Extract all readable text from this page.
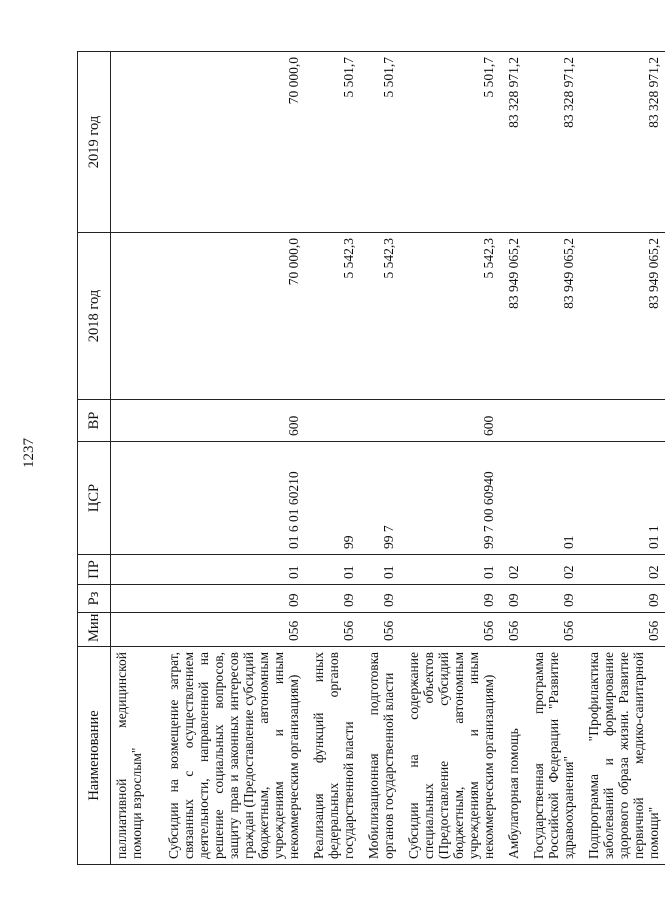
1237
Наименование	Мин	Рз	ПР	ЦСР	ВР	2018 год	2019 год
паллиативной медицинской помощи взрослым"							
Субсидии на возмещение затрат, связанных с осуществлением деятельности, направленной на решение социальных вопросов, защиту прав и законных интересов граждан (Предоставление субсидий бюджетным, автономным учреждениям и иным некоммерческим организациям)	056	09	01	01 6 01 60210	600	70 000,0	70 000,0
Реализация функций иных федеральных органов государственной власти	056	09	01	99		5 542,3	5 501,7
Мобилизационная подготовка органов государственной власти	056	09	01	99 7		5 542,3	5 501,7
Субсидии на содержание специальных объектов (Предоставление субсидий бюджетным, автономным учреждениям и иным некоммерческим организациям)	056	09	01	99 7 00 60940	600	5 542,3	5 501,7
Амбулаторная помощь	056	09	02			83 949 065,2	83 328 971,2
Государственная программа Российской Федерации "Развитие здравоохранения"	056	09	02	01		83 949 065,2	83 328 971,2
Подпрограмма "Профилактика заболеваний и формирование здорового образа жизни. Развитие первичной медико-санитарной помощи"	056	09	02	01 1		83 949 065,2	83 328 971,2
